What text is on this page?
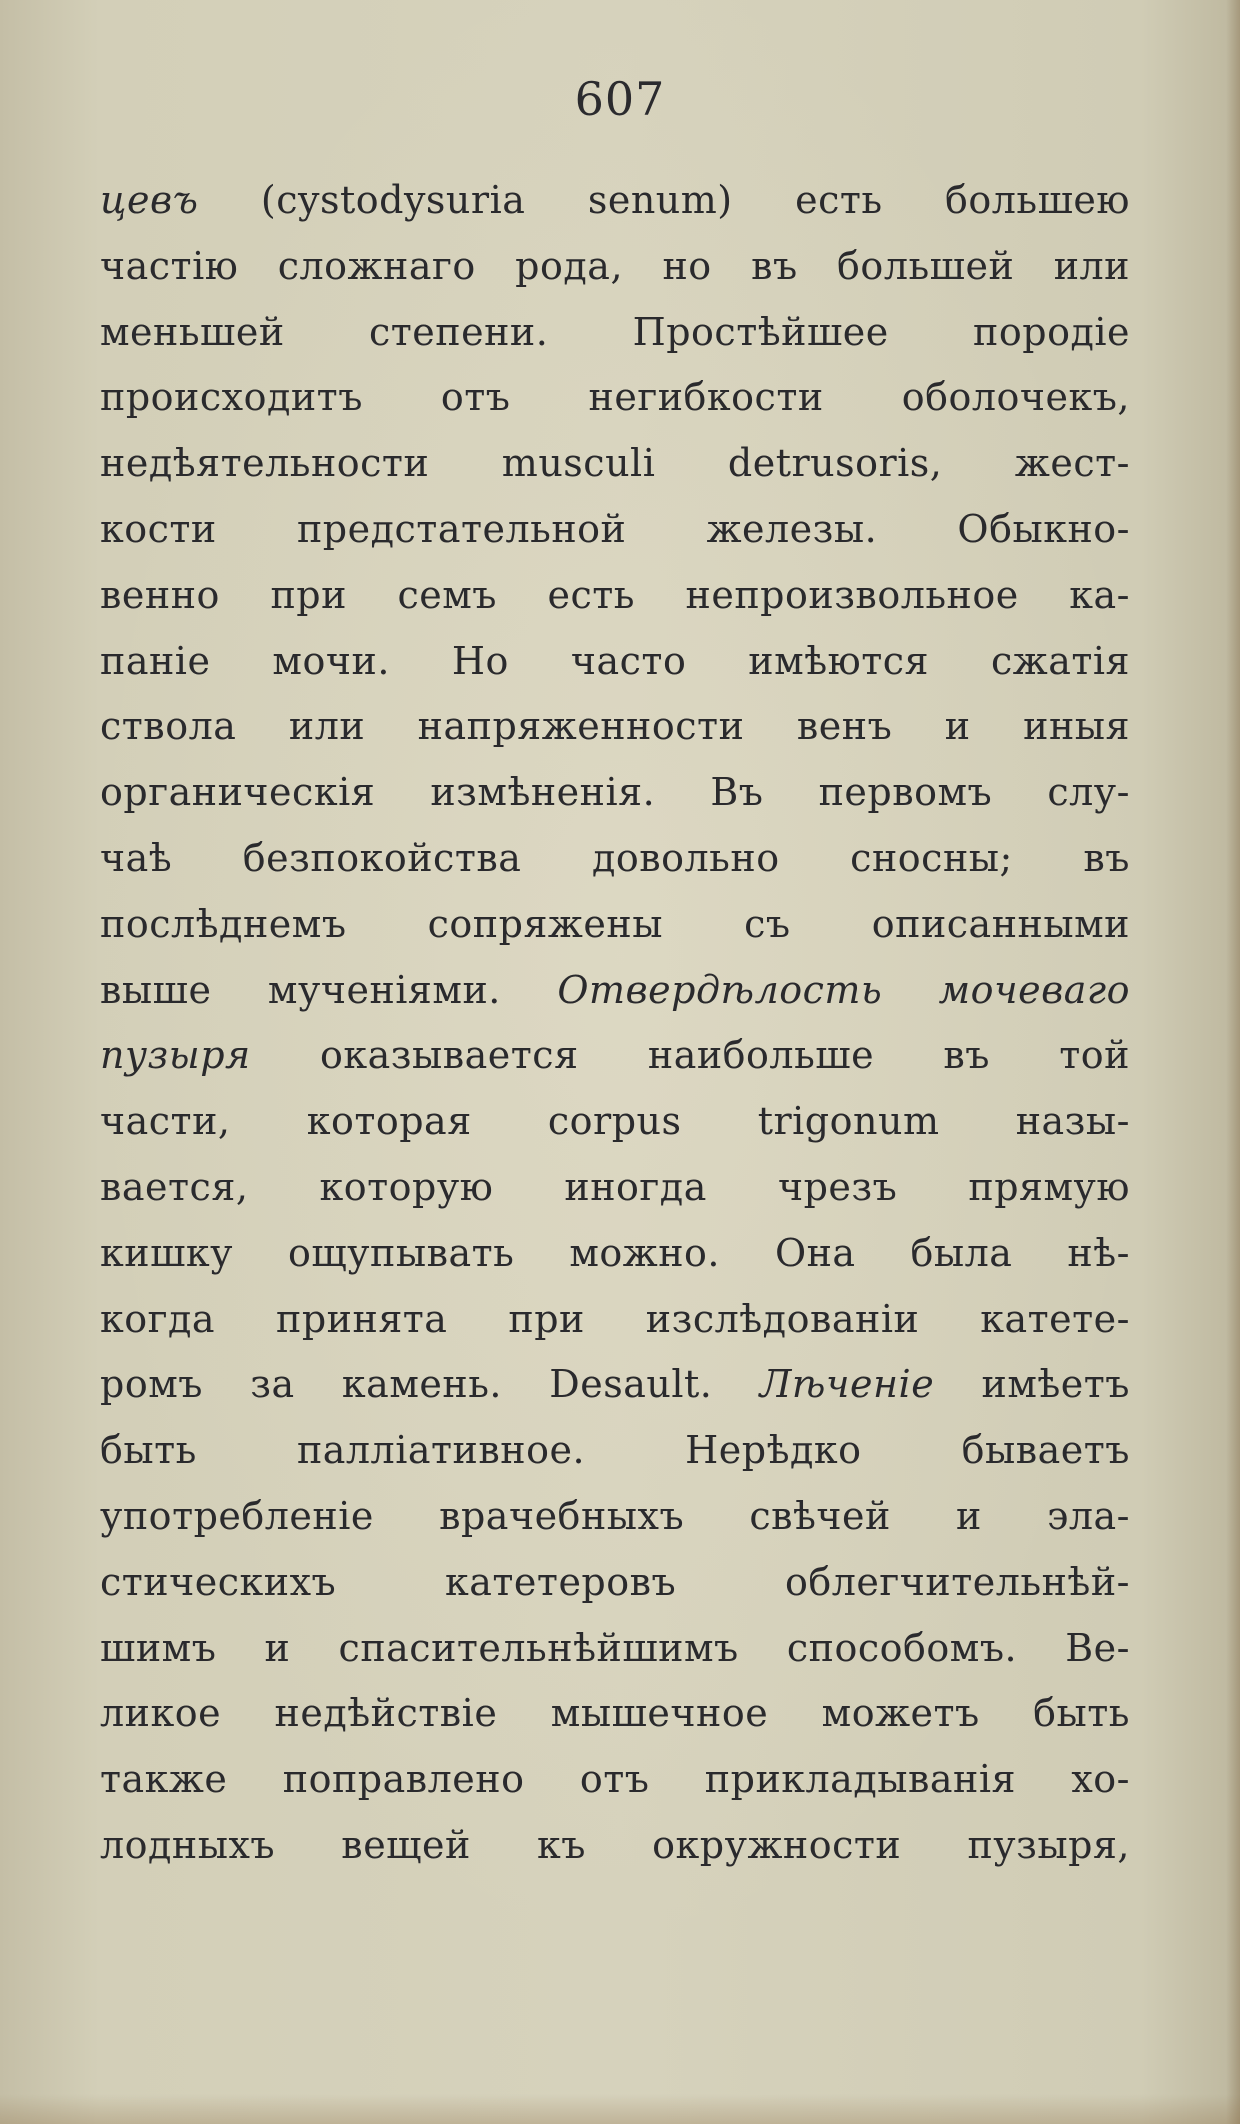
607
цевъ (cystodysuria senum) есть большею
частію сложнаго рода, но въ большей или
меньшей степени. Простѣйшее породіе
происходитъ отъ негибкости оболочекъ,
недѣятельности musculi detrusoris, жест-
кости предстательной железы. Обыкно-
венно при семъ есть непроизвольное ка-
паніе мочи. Но часто имѣются сжатія
ствола или напряженности венъ и иныя
органическія измѣненія. Въ первомъ слу-
чаѣ безпокойства довольно сносны; въ
послѣднемъ сопряжены съ описанными
выше мученіями. Отвердѣлость мочеваго
пузыря оказывается наибольше въ той
части, которая corpus trigonum назы-
вается, которую иногда чрезъ прямую
кишку ощупывать можно. Она была нѣ-
когда принята при изслѣдованіи катете-
ромъ за камень. Desault. Лѣченіе имѣетъ
быть паллiативное. Нерѣдко бываетъ
употребленіе врачебныхъ свѣчей и эла-
стическихъ катетеровъ облегчительнѣй-
шимъ и спасительнѣйшимъ способомъ. Ве-
ликое недѣйствіе мышечное можетъ быть
также поправлено отъ прикладыванія хо-
лодныхъ вещей къ окружности пузыря,
